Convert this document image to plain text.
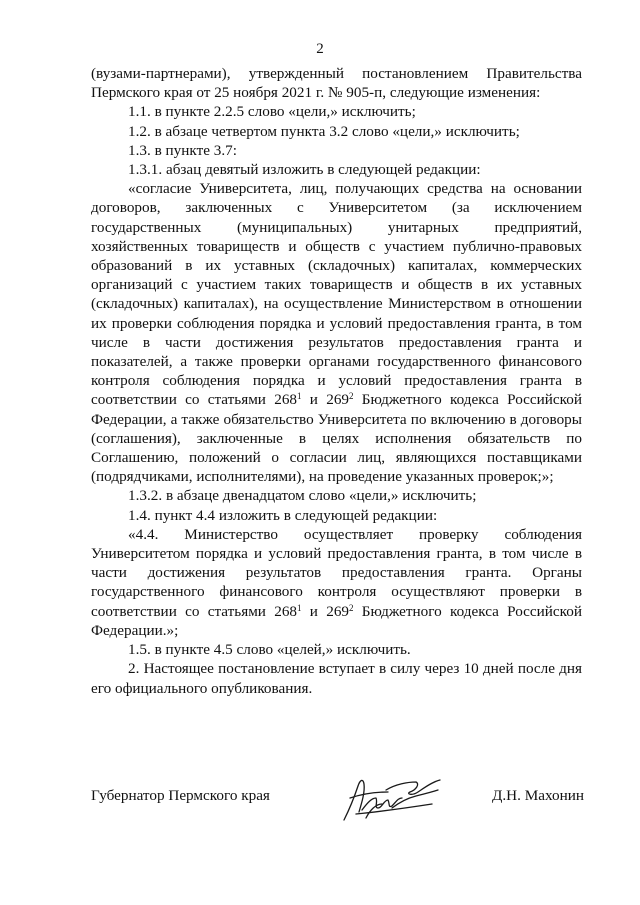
2

(вузами-партнерами), утвержденный постановлением Правительства Пермского края от 25 ноября 2021 г. № 905-п, следующие изменения:

1.1. в пункте 2.2.5 слово «цели,» исключить;

1.2. в абзаце четвертом пункта 3.2 слово «цели,» исключить;

1.3. в пункте 3.7:

1.3.1. абзац девятый изложить в следующей редакции:

«согласие Университета, лиц, получающих средства на основании договоров, заключенных с Университетом (за исключением государственных (муниципальных) унитарных предприятий, хозяйственных товариществ и обществ с участием публично-правовых образований в их уставных (складочных) капиталах, коммерческих организаций с участием таких товариществ и обществ в их уставных (складочных) капиталах), на осуществление Министерством в отношении их проверки соблюдения порядка и условий предоставления гранта, в том числе в части достижения результатов предоставления гранта и показателей, а также проверки органами государственного финансового контроля соблюдения порядка и условий предоставления гранта в соответствии со статьями $268^1$ и $269^2$ Бюджетного кодекса Российской Федерации, а также обязательство Университета по включению в договоры (соглашения), заключенные в целях исполнения обязательств по Соглашению, положений о согласии лиц, являющихся поставщиками (подрядчиками, исполнителями), на проведение указанных проверок;»;

1.3.2. в абзаце двенадцатом слово «цели,» исключить;

1.4. пункт 4.4 изложить в следующей редакции:

«4.4. Министерство осуществляет проверку соблюдения Университетом порядка и условий предоставления гранта, в том числе в части достижения результатов предоставления гранта. Органы государственного финансового контроля осуществляют проверки в соответствии со статьями $268^1$ и $269^2$ Бюджетного кодекса Российской Федерации.»;

1.5. в пункте 4.5 слово «целей,» исключить.

2. Настоящее постановление вступает в силу через 10 дней после дня его официального опубликования.

Губернатор Пермского края	Д.Н. Махонин
